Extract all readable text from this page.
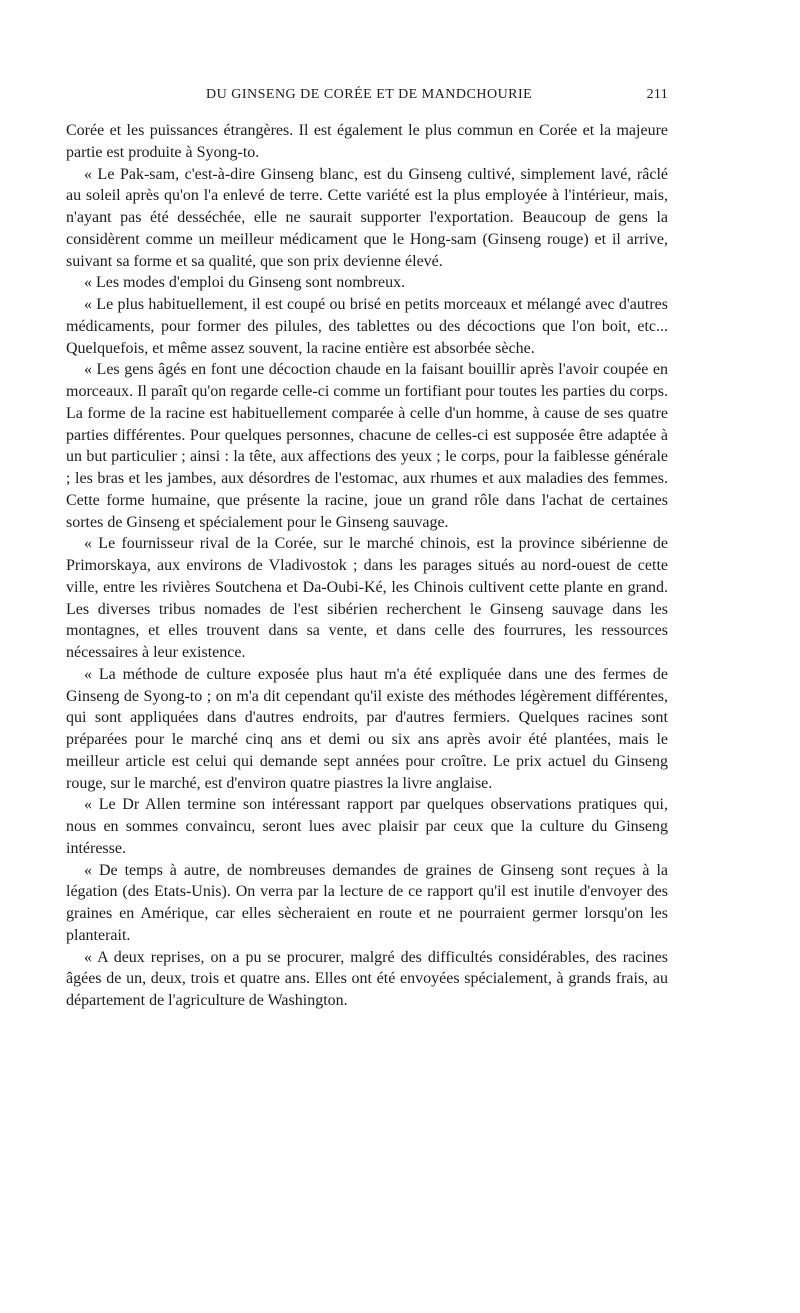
DU GINSENG DE CORÉE ET DE MANDCHOURIE	211

Corée et les puissances étrangères. Il est également le plus commun en Corée et la majeure partie est produite à Syong-to.

« Le Pak-sam, c'est-à-dire Ginseng blanc, est du Ginseng cultivé, simplement lavé, râclé au soleil après qu'on l'a enlevé de terre. Cette variété est la plus employée à l'intérieur, mais, n'ayant pas été desséchée, elle ne saurait supporter l'exportation. Beaucoup de gens la considèrent comme un meilleur médicament que le Hong-sam (Ginseng rouge) et il arrive, suivant sa forme et sa qualité, que son prix devienne élevé.

« Les modes d'emploi du Ginseng sont nombreux.

« Le plus habituellement, il est coupé ou brisé en petits morceaux et mélangé avec d'autres médicaments, pour former des pilules, des tablettes ou des décoctions que l'on boit, etc... Quelquefois, et même assez souvent, la racine entière est absorbée sèche.

« Les gens âgés en font une décoction chaude en la faisant bouillir après l'avoir coupée en morceaux. Il paraît qu'on regarde celle-ci comme un fortifiant pour toutes les parties du corps. La forme de la racine est habituellement comparée à celle d'un homme, à cause de ses quatre parties différentes. Pour quelques personnes, chacune de celles-ci est supposée être adaptée à un but particulier ; ainsi : la tête, aux affections des yeux ; le corps, pour la faiblesse générale ; les bras et les jambes, aux désordres de l'estomac, aux rhumes et aux maladies des femmes. Cette forme humaine, que présente la racine, joue un grand rôle dans l'achat de certaines sortes de Ginseng et spécialement pour le Ginseng sauvage.

« Le fournisseur rival de la Corée, sur le marché chinois, est la province sibérienne de Primorskaya, aux environs de Vladivostok ; dans les parages situés au nord-ouest de cette ville, entre les rivières Soutchena et Da-Oubi-Ké, les Chinois cultivent cette plante en grand. Les diverses tribus nomades de l'est sibérien recherchent le Ginseng sauvage dans les montagnes, et elles trouvent dans sa vente, et dans celle des fourrures, les ressources nécessaires à leur existence.

« La méthode de culture exposée plus haut m'a été expliquée dans une des fermes de Ginseng de Syong-to ; on m'a dit cependant qu'il existe des méthodes légèrement différentes, qui sont appliquées dans d'autres endroits, par d'autres fermiers. Quelques racines sont préparées pour le marché cinq ans et demi ou six ans après avoir été plantées, mais le meilleur article est celui qui demande sept années pour croître. Le prix actuel du Ginseng rouge, sur le marché, est d'environ quatre piastres la livre anglaise.

« Le Dr Allen termine son intéressant rapport par quelques observations pratiques qui, nous en sommes convaincu, seront lues avec plaisir par ceux que la culture du Ginseng intéresse.

« De temps à autre, de nombreuses demandes de graines de Ginseng sont reçues à la légation (des Etats-Unis). On verra par la lecture de ce rapport qu'il est inutile d'envoyer des graines en Amérique, car elles sècheraient en route et ne pourraient germer lorsqu'on les planterait.

« A deux reprises, on a pu se procurer, malgré des difficultés considérables, des racines âgées de un, deux, trois et quatre ans. Elles ont été envoyées spécialement, à grands frais, au département de l'agriculture de Washington.
